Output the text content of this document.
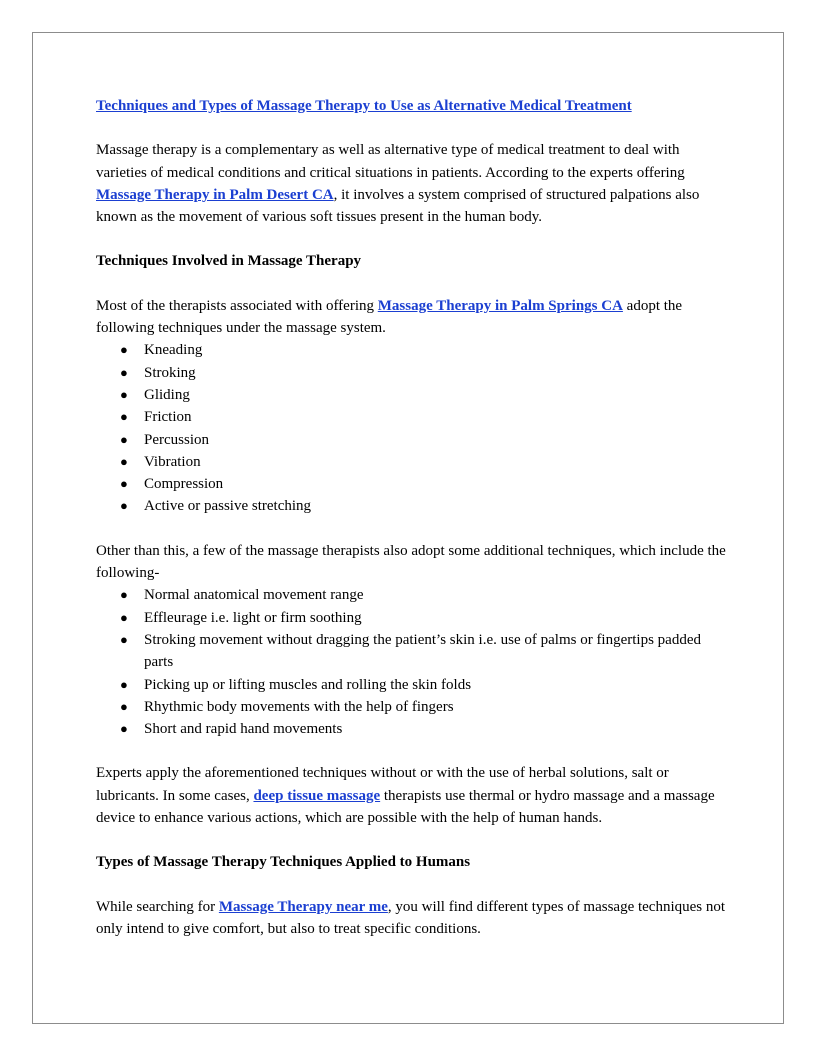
Techniques and Types of Massage Therapy to Use as Alternative Medical Treatment

Massage therapy is a complementary as well as alternative type of medical treatment to deal with varieties of medical conditions and critical situations in patients. According to the experts offering Massage Therapy in Palm Desert CA, it involves a system comprised of structured palpations also known as the movement of various soft tissues present in the human body.

Techniques Involved in Massage Therapy

Most of the therapists associated with offering Massage Therapy in Palm Springs CA adopt the following techniques under the massage system.

● Kneading
● Stroking
● Gliding
● Friction
● Percussion
● Vibration
● Compression
● Active or passive stretching

Other than this, a few of the massage therapists also adopt some additional techniques, which include the following-

● Normal anatomical movement range
● Effleurage i.e. light or firm soothing
● Stroking movement without dragging the patient’s skin i.e. use of palms or fingertips padded parts
● Picking up or lifting muscles and rolling the skin folds
● Rhythmic body movements with the help of fingers
● Short and rapid hand movements

Experts apply the aforementioned techniques without or with the use of herbal solutions, salt or lubricants. In some cases, deep tissue massage therapists use thermal or hydro massage and a massage device to enhance various actions, which are possible with the help of human hands.

Types of Massage Therapy Techniques Applied to Humans

While searching for Massage Therapy near me, you will find different types of massage techniques not only intend to give comfort, but also to treat specific conditions.
